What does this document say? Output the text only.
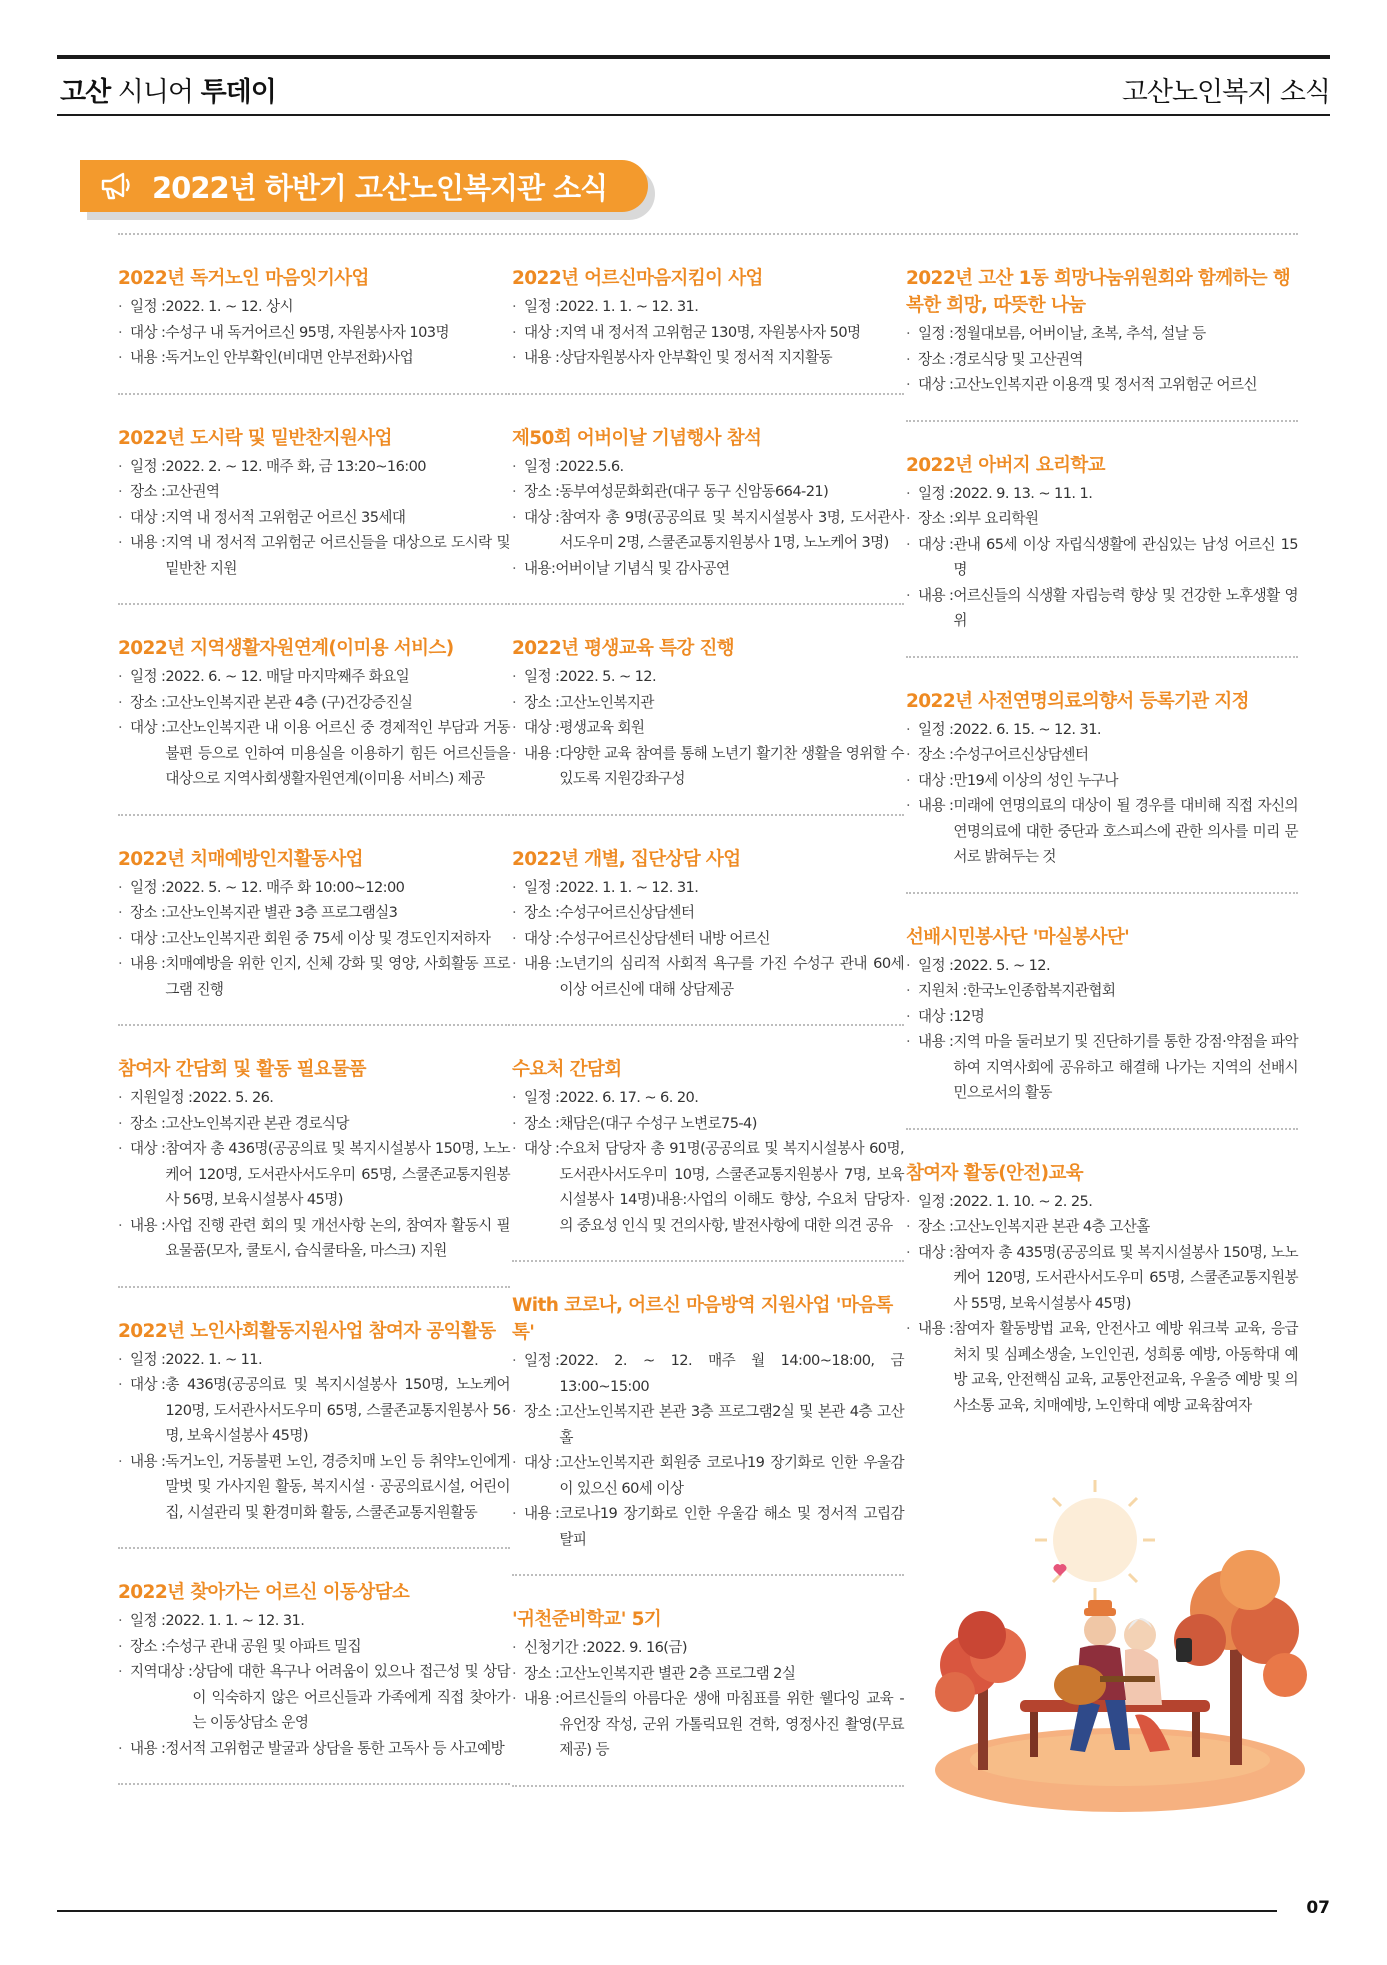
고산 시니어 투데이	고산노인복지 소식
2022년 하반기 고산노인복지관 소식
2022년 독거노인 마음잇기사업
· 일정 : 2022. 1. ~ 12. 상시
· 대상 : 수성구 내 독거어르신 95명, 자원봉사자 103명
· 내용 : 독거노인 안부확인(비대면 안부전화)사업
2022년 도시락 및 밑반찬지원사업
· 일정 : 2022. 2. ~ 12. 매주 화, 금 13:20~16:00
· 장소 : 고산권역
· 대상 : 지역 내 정서적 고위험군 어르신 35세대
· 내용 : 지역 내 정서적 고위험군 어르신들을 대상으로 도시락 및 밑반찬 지원
2022년 지역생활자원연계(이미용 서비스)
· 일정 : 2022. 6. ~ 12. 매달 마지막째주 화요일
· 장소 : 고산노인복지관 본관 4층 (구)건강증진실
· 대상 : 고산노인복지관 내 이용 어르신 중 경제적인 부담과 거동불편 등으로 인하여 미용실을 이용하기 힘든 어르신들을 대상으로 지역사회생활자원연계(이미용 서비스) 제공
2022년 치매예방인지활동사업
· 일정 : 2022. 5. ~ 12. 매주 화 10:00~12:00
· 장소 : 고산노인복지관 별관 3층 프로그램실3
· 대상 : 고산노인복지관 회원 중 75세 이상 및 경도인지저하자
· 내용 : 치매예방을 위한 인지, 신체 강화 및 영양, 사회활동 프로그램 진행
참여자 간담회 및 활동 필요물품
· 지원일정 : 2022. 5. 26.
· 장소 : 고산노인복지관 본관 경로식당
· 대상 : 참여자 총 436명(공공의료 및 복지시설봉사 150명, 노노케어 120명, 도서관사서도우미 65명, 스쿨존교통지원봉사 56명, 보육시설봉사 45명)
· 내용 : 사업 진행 관련 회의 및 개선사항 논의, 참여자 활동시 필요물품(모자, 쿨토시, 습식쿨타올, 마스크) 지원
2022년 노인사회활동지원사업 참여자 공익활동
· 일정 : 2022. 1. ~ 11.
· 대상 : 총 436명(공공의료 및 복지시설봉사 150명, 노노케어 120명, 도서관사서도우미 65명, 스쿨존교통지원봉사 56명, 보육시설봉사 45명)
· 내용 : 독거노인, 거동불편 노인, 경증치매 노인 등 취약노인에게 말벗 및 가사지원 활동, 복지시설 · 공공의료시설, 어린이집, 시설관리 및 환경미화 활동, 스쿨존교통지원활동
2022년 찾아가는 어르신 이동상담소
· 일정 : 2022. 1. 1. ~ 12. 31.
· 장소 : 수성구 관내 공원 및 아파트 밀집
· 지역대상 : 상담에 대한 욕구나 어려움이 있으나 접근성 및 상담이 익숙하지 않은 어르신들과 가족에게 직접 찾아가는 이동상담소 운영
· 내용 : 정서적 고위험군 발굴과 상담을 통한 고독사 등 사고예방
2022년 어르신마음지킴이 사업
· 일정 : 2022. 1. 1. ~ 12. 31.
· 대상 : 지역 내 정서적 고위험군 130명, 자원봉사자 50명
· 내용 : 상담자원봉사자 안부확인 및 정서적 지지활동
제50회 어버이날 기념행사 참석
· 일정 : 2022.5.6.
· 장소 : 동부여성문화회관(대구 동구 신암동664-21)
· 대상 : 참여자 총 9명(공공의료 및 복지시설봉사 3명, 도서관사서도우미 2명, 스쿨존교통지원봉사 1명, 노노케어 3명)
· 내용: 어버이날 기념식 및 감사공연
2022년 평생교육 특강 진행
· 일정 : 2022. 5. ~ 12.
· 장소 : 고산노인복지관
· 대상 : 평생교육 회원
· 내용 : 다양한 교육 참여를 통해 노년기 활기찬 생활을 영위할 수 있도록 지원강좌구성
2022년 개별, 집단상담 사업
· 일정 : 2022. 1. 1. ~ 12. 31.
· 장소 : 수성구어르신상담센터
· 대상 : 수성구어르신상담센터 내방 어르신
· 내용 : 노년기의 심리적 사회적 욕구를 가진 수성구 관내 60세 이상 어르신에 대해 상담제공
수요처 간담회
· 일정 : 2022. 6. 17. ~ 6. 20.
· 장소 : 채담은(대구 수성구 노변로75-4)
· 대상 : 수요처 담당자 총 91명(공공의료 및 복지시설봉사 60명, 도서관사서도우미 10명, 스쿨존교통지원봉사 7명, 보육시설봉사 14명)내용:사업의 이해도 향상, 수요처 담당자의 중요성 인식 및 건의사항, 발전사항에 대한 의견 공유
With 코로나, 어르신 마음방역 지원사업 '마음톡톡'
· 일정 : 2022. 2. ~ 12. 매주 월 14:00~18:00, 금 13:00~15:00
· 장소 : 고산노인복지관 본관 3층 프로그램2실 및 본관 4층 고산홀
· 대상 : 고산노인복지관 회원중 코로나19 장기화로 인한 우울감이 있으신 60세 이상
· 내용 : 코로나19 장기화로 인한 우울감 해소 및 정서적 고립감 탈피
'귀천준비학교' 5기
· 신청기간 : 2022. 9. 16(금)
· 장소 : 고산노인복지관 별관 2층 프로그램 2실
· 내용 : 어르신들의 아름다운 생애 마침표를 위한 웰다잉 교육 - 유언장 작성, 군위 가톨릭묘원 견학, 영정사진 촬영(무료제공) 등
2022년 고산 1동 희망나눔위원회와 함께하는 행복한 희망, 따뜻한 나눔
· 일정 : 정월대보름, 어버이날, 초복, 추석, 설날 등
· 장소 : 경로식당 및 고산권역
· 대상 : 고산노인복지관 이용객 및 정서적 고위험군 어르신
2022년 아버지 요리학교
· 일정 : 2022. 9. 13. ~ 11. 1.
· 장소 : 외부 요리학원
· 대상 : 관내 65세 이상 자립식생활에 관심있는 남성 어르신 15명
· 내용 : 어르신들의 식생활 자립능력 향상 및 건강한 노후생활 영위
2022년 사전연명의료의향서 등록기관 지정
· 일정 : 2022. 6. 15. ~ 12. 31.
· 장소 : 수성구어르신상담센터
· 대상 : 만19세 이상의 성인 누구나
· 내용 : 미래에 연명의료의 대상이 될 경우를 대비해 직접 자신의 연명의료에 대한 중단과 호스피스에 관한 의사를 미리 문서로 밝혀두는 것
선배시민봉사단 '마실봉사단'
· 일정 : 2022. 5. ~ 12.
· 지원처 : 한국노인종합복지관협회
· 대상 : 12명
· 내용 : 지역 마을 둘러보기 및 진단하기를 통한 강점·약점을 파악하여 지역사회에 공유하고 해결해 나가는 지역의 선배시민으로서의 활동
참여자 활동(안전)교육
· 일정 : 2022. 1. 10. ~ 2. 25.
· 장소 : 고산노인복지관 본관 4층 고산홀
· 대상 : 참여자 총 435명(공공의료 및 복지시설봉사 150명, 노노케어 120명, 도서관사서도우미 65명, 스쿨존교통지원봉사 55명, 보육시설봉사 45명)
· 내용 : 참여자 활동방법 교육, 안전사고 예방 워크북 교육, 응급처치 및 심폐소생술, 노인인권, 성희롱 예방, 아동학대 예방 교육, 안전핵심 교육, 교통안전교육, 우울증 예방 및 의사소통 교육, 치매예방, 노인학대 예방 교육참여자
07
